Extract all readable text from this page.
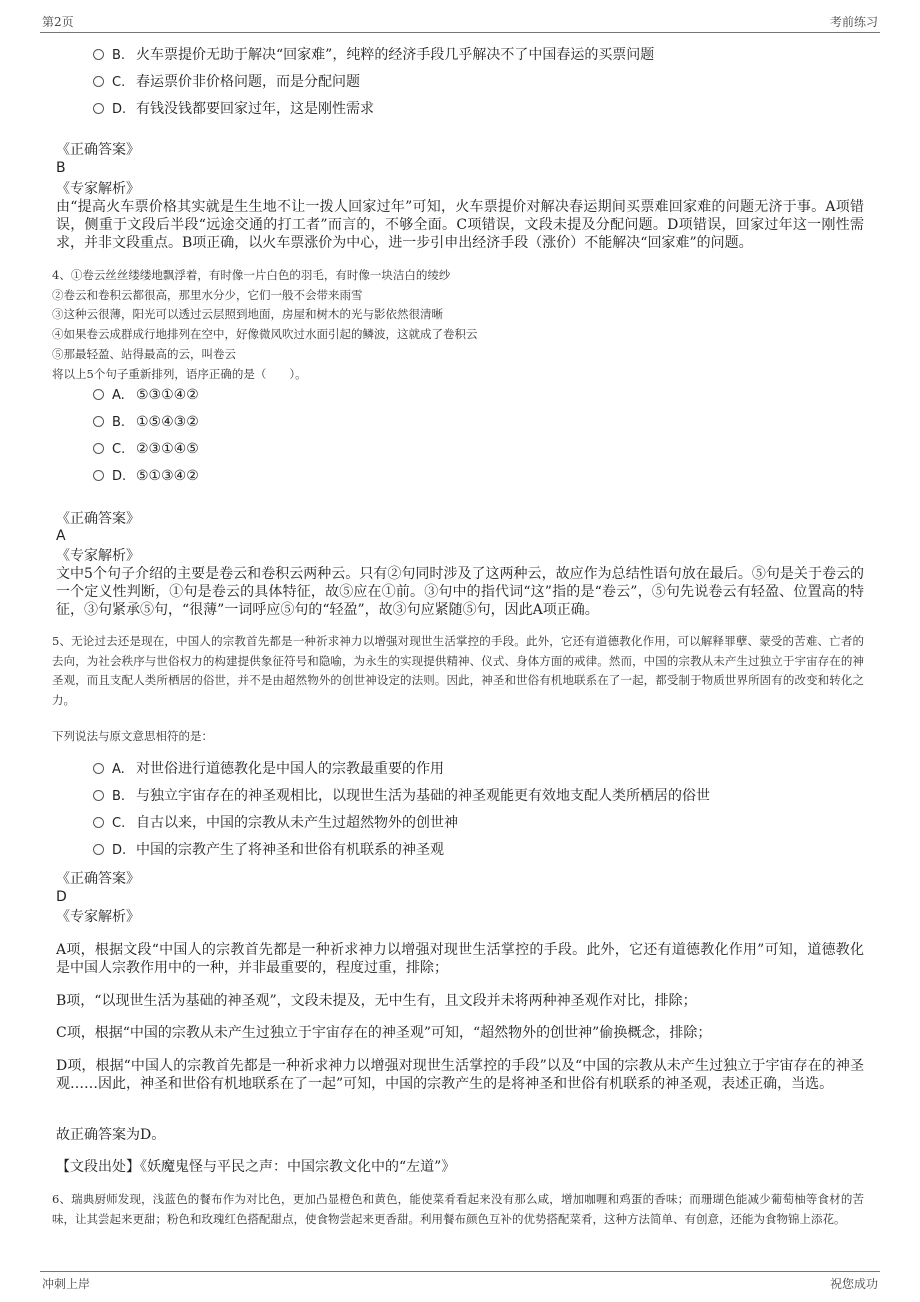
第2页	考前练习
B. 火车票提价无助于解决“回家难”，纯粹的经济手段几乎解决不了中国春运的买票问题
C. 春运票价非价格问题，而是分配问题
D. 有钱没钱都要回家过年，这是刚性需求
《正确答案》
B
《专家解析》
由“提高火车票价格其实就是生生地不让一拨人回家过年”可知，火车票提价对解决春运期间买票难回家难的问题无济于事。A项错误，侧重于文段后半段“远途交通的打工者”而言的，不够全面。C项错误，文段未提及分配问题。D项错误，回家过年这一刚性需求，并非文段重点。B项正确，以火车票涨价为中心，进一步引申出经济手段（涨价）不能解决“回家难”的问题。
4、①卷云丝丝缕缕地飘浮着，有时像一片白色的羽毛，有时像一块洁白的绫纱
②卷云和卷积云都很高，那里水分少，它们一般不会带来雨雪
③这种云很薄，阳光可以透过云层照到地面，房屋和树木的光与影依然很清晰
④如果卷云成群成行地排列在空中，好像微风吹过水面引起的鳞波，这就成了卷积云
⑤那最轻盈、站得最高的云，叫卷云
将以上5个句子重新排列，语序正确的是（　　）。
A. ⑤③①④②
B. ①⑤④③②
C. ②③①④⑤
D. ⑤①③④②
《正确答案》
A
《专家解析》
文中5个句子介绍的主要是卷云和卷积云两种云。只有②句同时涉及了这两种云，故应作为总结性语句放在最后。⑤句是关于卷云的一个定义性判断，①句是卷云的具体特征，故⑤应在①前。③句中的指代词“这”指的是“卷云”，⑤句先说卷云有轻盈、位置高的特征，③句紧承⑤句，“很薄”一词呼应⑤句的“轻盈”，故③句应紧随⑤句，因此A项正确。
5、无论过去还是现在，中国人的宗教首先都是一种祈求神力以增强对现世生活掌控的手段。此外，它还有道德教化作用，可以解释罪孽、蒙受的苦难、亡者的去向，为社会秩序与世俗权力的构建提供象征符号和隐喻，为永生的实现提供精神、仪式、身体方面的戒律。然而，中国的宗教从未产生过独立于宇宙存在的神圣观，而且支配人类所栖居的俗世，并不是由超然物外的创世神设定的法则。因此，神圣和世俗有机地联系在了一起，都受制于物质世界所固有的改变和转化之力。
下列说法与原文意思相符的是：
A. 对世俗进行道德教化是中国人的宗教最重要的作用
B. 与独立宇宙存在的神圣观相比，以现世生活为基础的神圣观能更有效地支配人类所栖居的俗世
C. 自古以来，中国的宗教从未产生过超然物外的创世神
D. 中国的宗教产生了将神圣和世俗有机联系的神圣观
《正确答案》
D
《专家解析》
A项，根据文段“中国人的宗教首先都是一种祈求神力以增强对现世生活掌控的手段。此外，它还有道德教化作用”可知，道德教化是中国人宗教作用中的一种，并非最重要的，程度过重，排除；
B项，“以现世生活为基础的神圣观”，文段未提及，无中生有，且文段并未将两种神圣观作对比，排除；
C项，根据“中国的宗教从未产生过独立于宇宙存在的神圣观”可知，“超然物外的创世神”偷换概念，排除；
D项，根据“中国人的宗教首先都是一种祈求神力以增强对现世生活掌控的手段”以及“中国的宗教从未产生过独立于宇宙存在的神圣观……因此，神圣和世俗有机地联系在了一起”可知，中国的宗教产生的是将神圣和世俗有机联系的神圣观，表述正确，当选。
故正确答案为D。
【文段出处】《妖魔鬼怪与平民之声：中国宗教文化中的“左道”》
6、瑞典厨师发现，浅蓝色的餐布作为对比色，更加凸显橙色和黄色，能使菜肴看起来没有那么咸，增加咖喱和鸡蛋的香味；而珊瑚色能减少葡萄柚等食材的苦味，让其尝起来更甜；粉色和玫瑰红色搭配甜点，使食物尝起来更香甜。利用餐布颜色互补的优势搭配菜肴，这种方法简单、有创意，还能为食物锦上添花。
冲刺上岸	祝您成功
